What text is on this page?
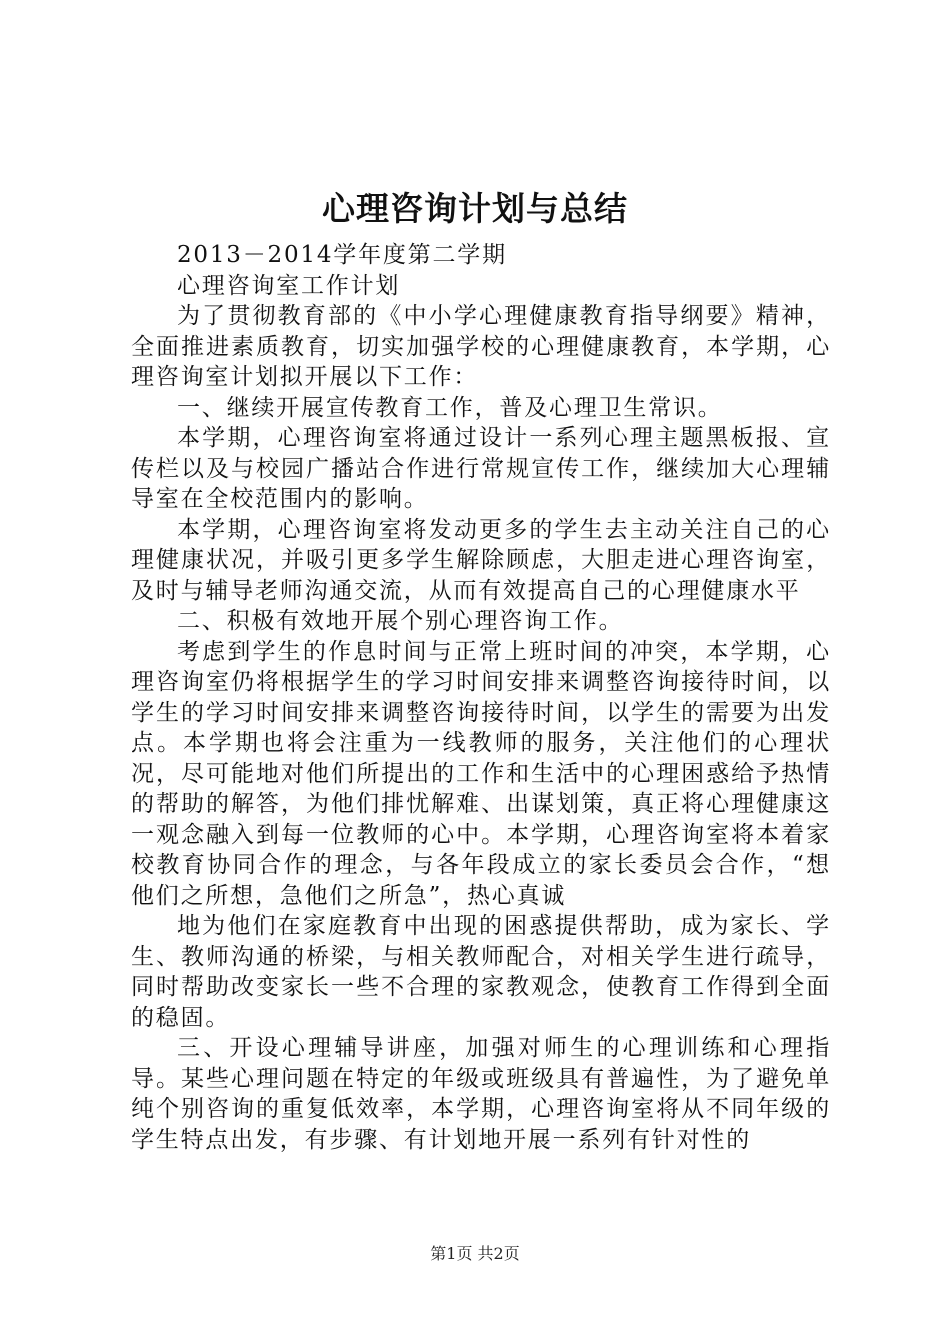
心理咨询计划与总结

2013－2014学年度第二学期

心理咨询室工作计划

为了贯彻教育部的《中小学心理健康教育指导纲要》精神，全面推进素质教育，切实加强学校的心理健康教育，本学期，心理咨询室计划拟开展以下工作：

一、继续开展宣传教育工作，普及心理卫生常识。

本学期，心理咨询室将通过设计一系列心理主题黑板报、宣传栏以及与校园广播站合作进行常规宣传工作，继续加大心理辅导室在全校范围内的影响。

本学期，心理咨询室将发动更多的学生去主动关注自己的心理健康状况，并吸引更多学生解除顾虑，大胆走进心理咨询室，及时与辅导老师沟通交流，从而有效提高自己的心理健康水平

二、积极有效地开展个别心理咨询工作。

考虑到学生的作息时间与正常上班时间的冲突，本学期，心理咨询室仍将根据学生的学习时间安排来调整咨询接待时间，以学生的学习时间安排来调整咨询接待时间，以学生的需要为出发点。本学期也将会注重为一线教师的服务，关注他们的心理状况，尽可能地对他们所提出的工作和生活中的心理困惑给予热情的帮助的解答，为他们排忧解难、出谋划策，真正将心理健康这一观念融入到每一位教师的心中。本学期，心理咨询室将本着家校教育协同合作的理念，与各年段成立的家长委员会合作，“想他们之所想，急他们之所急”，热心真诚

地为他们在家庭教育中出现的困惑提供帮助，成为家长、学生、教师沟通的桥梁，与相关教师配合，对相关学生进行疏导，同时帮助改变家长一些不合理的家教观念，使教育工作得到全面的稳固。

三、开设心理辅导讲座，加强对师生的心理训练和心理指导。某些心理问题在特定的年级或班级具有普遍性，为了避免单纯个别咨询的重复低效率，本学期，心理咨询室将从不同年级的学生特点出发，有步骤、有计划地开展一系列有针对性的

第1页 共2页
